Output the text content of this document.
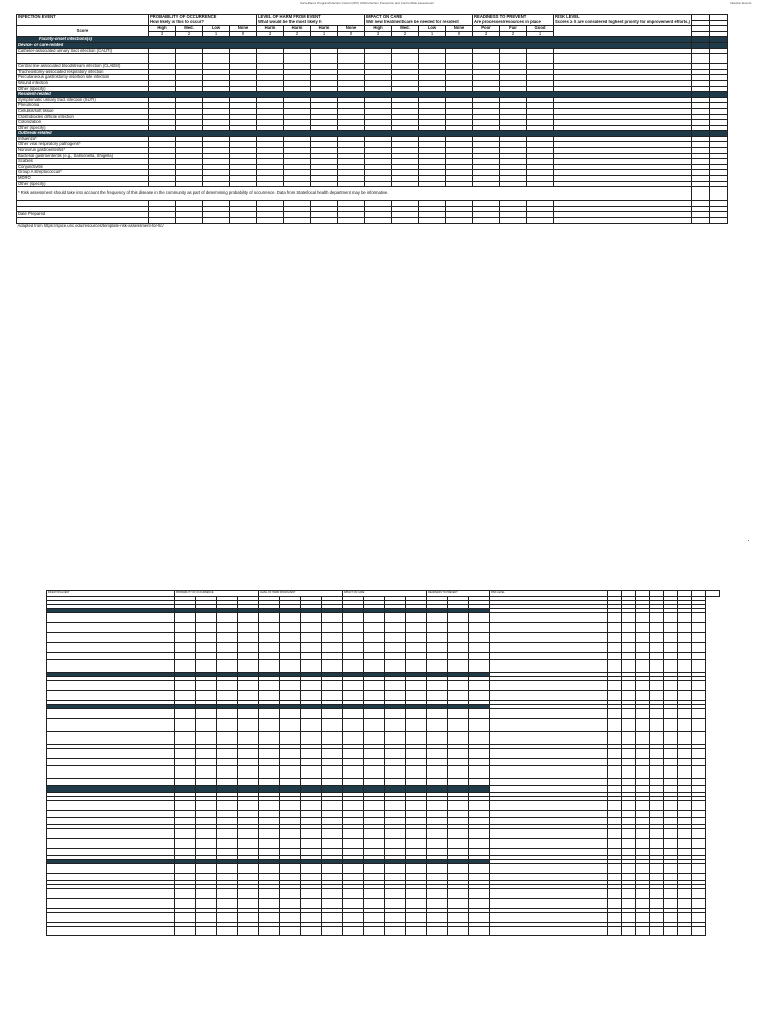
Surveillance Program/Infection Control (IPC) 2019 Infection Prevention and Control Risk Assessment	Infection Events
INFECTION EVENT	PROBABILITY OF OCCURRENCE				LEVEL OF HARM FROM EVENT				IMPACT ON CARE				READINESS TO PREVENT			RISK LEVEL		
	How likely is this to occur?				What would be the most likely h				Will new treatment/care be needed for resident				Are processes/resources in place			Scores ≥ X are considered highest priority for improvement efforts.)		
Score	High	Med.	Low	None	Harm	Harm	Harm	None	High	Med.	Low	None	Poor	Fair	Good			
	3	2	1	0	3	2	1	0	3	2	1	0	3	2	1			
Facility-onset infections(s)																		
Device- or care-related																		
Catheter-associated urinary tract infection (CAUTI)																		

Central line-associated bloodstream infection (CLABSI)																		
Tracheostomy-associated respiratory infection																		
Percutaneous gastrostomy insertion site infection																		
Wound infection																		
Other (specify)																		
Resident-related																		
Symptomatic urinary tract infection (SUTI)																		
Pneumonia																		
Cellulitis/soft tissue																		
Clostridioides difficile infection																		
Colonization																		
Other (specify)																		
Outbreak-related																		
Influenza*																		
Other viral respiratory pathogens*																		
Norovirus gastroenteritis*																		
Bacterial gastroenteritis (e.g., Salmonella, Shigella)																		
Scabies																		
Conjunctivitis																		
Group A streptococcus*																		
MDRO																		
Other (specify)																		
* Risk assessment should take into account the frequency of this disease in the community as part of determining probability of occurrence. Data from State/local health department may be informative.																		

Date Prepared																		

Adapted from https://spice.unc.edu/resources/template-risk-assessment-for-ltc/																		
INFECTION EVENT	PROBABILITY OF OCCURRENCE				LEVEL OF HARM FROM EVENT				IMPACT ON CARE				READINESS TO PREVENT			RISK LEVEL								
